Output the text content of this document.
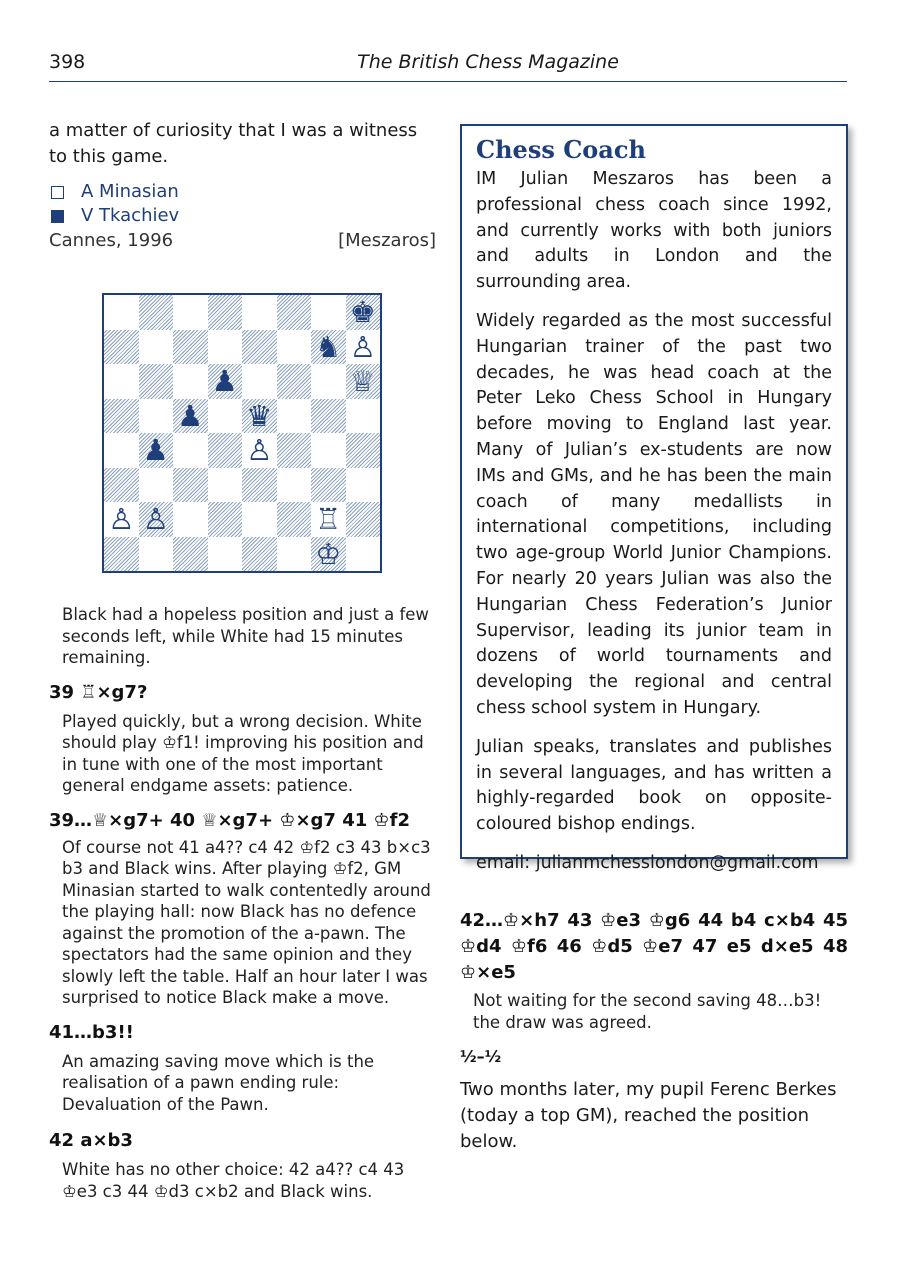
398	The British Chess Magazine

a matter of curiosity that I was a witness to this game.

A Minasian
V Tkachiev
Cannes, 1996	[Meszaros]
♚
♞ ♙
♟	♕
♟ ♛
♟	♙
♙ ♙	♖
♔

Black had a hopeless position and just a few seconds left, while White had 15 minutes remaining.

39 ♖×g7?

Played quickly, but a wrong decision. White should play ♔f1! improving his position and in tune with one of the most important general endgame assets: patience.

39…♕×g7+ 40 ♕×g7+ ♔×g7 41 ♔f2

Of course not 41 a4?? c4 42 ♔f2 c3 43 b×c3 b3 and Black wins. After playing ♔f2, GM Minasian started to walk contentedly around the playing hall: now Black has no defence against the promotion of the a-pawn. The spectators had the same opinion and they slowly left the table. Half an hour later I was surprised to notice Black make a move.

41…b3!!

An amazing saving move which is the realisation of a pawn ending rule: Devaluation of the Pawn.

42 a×b3

White has no other choice: 42 a4?? c4 43 ♔e3 c3 44 ♔d3 c×b2 and Black wins.

Chess Coach

IM Julian Meszaros has been a professional chess coach since 1992, and currently works with both juniors and adults in London and the surrounding area.

Widely regarded as the most successful Hungarian trainer of the past two decades, he was head coach at the Peter Leko Chess School in Hungary before moving to England last year. Many of Julian’s ex-students are now IMs and GMs, and he has been the main coach of many medallists in international competitions, including two age-group World Junior Champions. For nearly 20 years Julian was also the Hungarian Chess Federation’s Junior Supervisor, leading its junior team in dozens of world tournaments and developing the regional and central chess school system in Hungary.

Julian speaks, translates and publishes in several languages, and has written a highly-regarded book on opposite-coloured bishop endings.

email: julianmchesslondon@gmail.com

42…♔×h7 43 ♔e3 ♔g6 44 b4 c×b4 45 ♔d4 ♔f6 46 ♔d5 ♔e7 47 e5 d×e5 48 ♔×e5

Not waiting for the second saving 48…b3! the draw was agreed.

½–½

Two months later, my pupil Ferenc Berkes (today a top GM), reached the position below.
